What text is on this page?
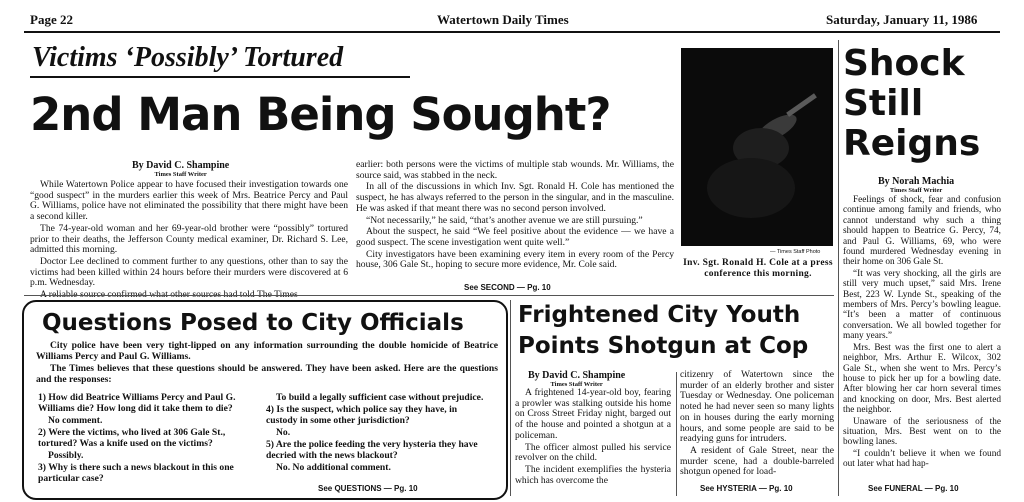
Page 22	Watertown Daily Times	Saturday, January 11, 1986
Victims ‘Possibly’ Tortured
2nd Man Being Sought?
By David C. Shampine
Times Staff Writer

While Watertown Police appear to have focused their investigation towards one “good suspect” in the murders earlier this week of Mrs. Beatrice Percy and Paul G. Williams, police have not eliminated the possibility that there might have been a second killer.

The 74-year-old woman and her 69-year-old brother were “possibly” tortured prior to their deaths, the Jefferson County medical examiner, Dr. Richard S. Lee, admitted this morning.

Doctor Lee declined to comment further to any questions, other than to say the victims had been killed within 24 hours before their murders were discovered at 6 p.m. Wednesday.

earlier: both persons were the victims of multiple stab wounds. Mr. Williams, the source said, was stabbed in the neck.

In all of the discussions in which Inv. Sgt. Ronald H. Cole has mentioned the suspect, he has always referred to the person in the singular, and in the masculine. He was asked if that meant there was no second person involved.

“Not necessarily,” he said, “that’s another avenue we are still pursuing.”

About the suspect, he said “We feel positive about the evidence — we have a good suspect. The scene investigation went quite well.”

City investigators have been examining every item in every room of the Percy house, 306 Gale St., hoping to secure more evidence, Mr. Cole said.

See SECOND — Pg. 10
— Times Staff Photo
Inv. Sgt. Ronald H. Cole at a press conference this morning.
Shock
Still
Reigns
By Norah Machia
Times Staff Writer

Feelings of shock, fear and confusion continue among family and friends, who cannot understand why such a thing should happen to Beatrice G. Percy, 74, and Paul G. Williams, 69, who were found murdered Wednesday evening in their home on 306 Gale St.

“It was very shocking, all the girls are still very much upset,” said Mrs. Irene Best, 223 W. Lynde St., speaking of the members of Mrs. Percy’s bowling league. “It’s been a matter of continuous conversation. We all bowled together for many years.”

Mrs. Best was the first one to alert a neighbor, Mrs. Arthur E. Wilcox, 302 Gale St., when she went to Mrs. Percy’s house to pick her up for a bowling date. After blowing her car horn several times and knocking on door, Mrs. Best alerted the neighbor.

Unaware of the seriousness of the situation, Mrs. Best went on to the bowling lanes.

“I couldn’t believe it when we found out later what had hap-

See FUNERAL — Pg. 10
Questions Posed to City Officials

City police have been very tight-lipped on any information surrounding the double homicide of Beatrice Williams Percy and Paul G. Williams.

The Times believes that these questions should be answered. They have been asked. Here are the questions and the responses:

1) How did Beatrice Williams Percy and Paul G. Williams die? How long did it take them to die?

No comment.

2) Were the victims, who lived at 306 Gale St., tortured? Was a knife used on the victims?

Possibly.

3) Why is there such a news blackout in this one particular case?

To build a legally sufficient case without prejudice.

4) Is the suspect, which police say they have, in custody in some other jurisdiction?

No.

5) Are the police feeding the very hysteria they have decried with the news blackout?

No. No additional comment.

See QUESTIONS — Pg. 10
Frightened City Youth
Points Shotgun at Cop
By David C. Shampine
Times Staff Writer

A frightened 14-year-old boy, fearing a prowler was stalking outside his home on Cross Street Friday night, barged out of the house and pointed a shotgun at a policeman.

The officer almost pulled his service revolver on the child.

The incident exemplifies the hysteria which has overcome the

citizenry of Watertown since the murder of an elderly brother and sister Tuesday or Wednesday. One policeman noted he had never seen so many lights on in houses during the early morning hours, and some people are said to be readying guns for intruders.

A resident of Gale Street, near the murder scene, had a double-barreled shotgun opened for load-

See HYSTERIA — Pg. 10
